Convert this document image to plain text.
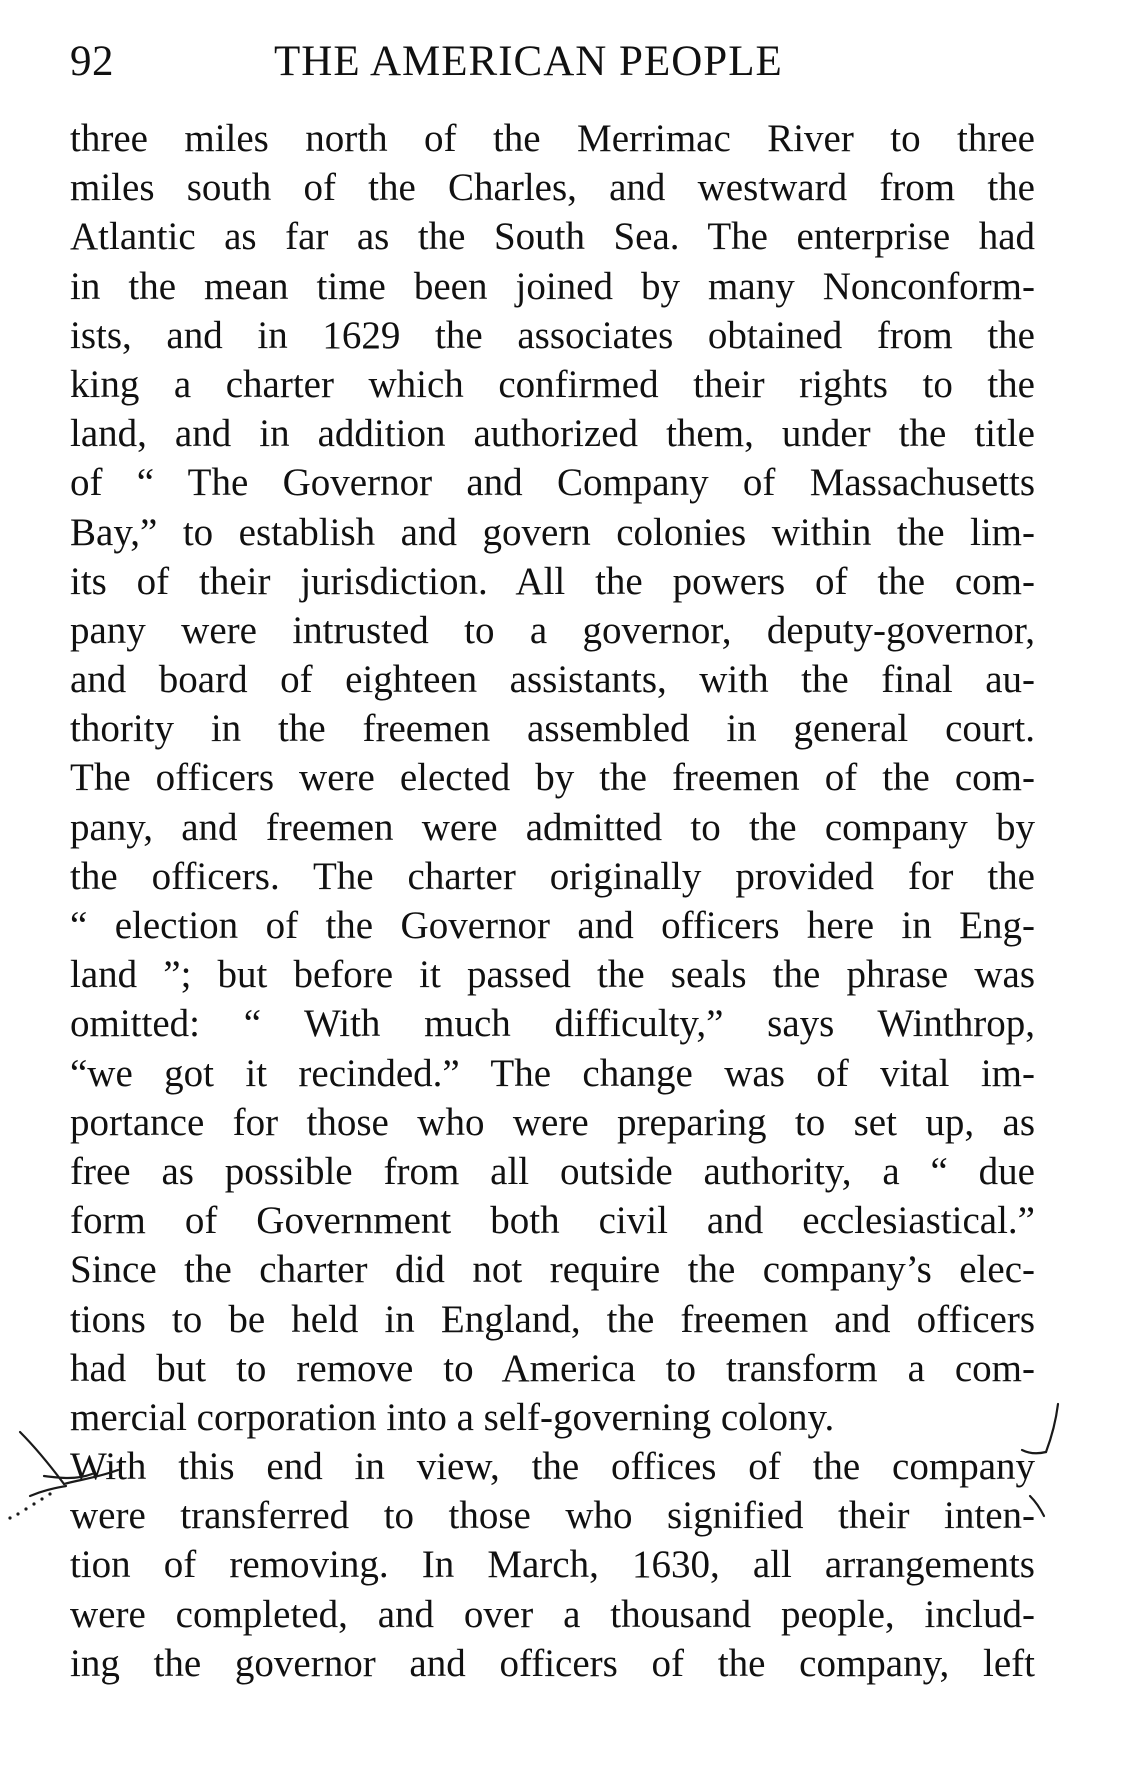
92	THE AMERICAN PEOPLE
three miles north of the Merrimac River to three
miles south of the Charles, and westward from the
Atlantic as far as the South Sea. The enterprise had
in the mean time been joined by many Nonconform-
ists, and in 1629 the associates obtained from the
king a charter which confirmed their rights to the
land, and in addition authorized them, under the title
of “ The Governor and Company of Massachusetts
Bay,” to establish and govern colonies within the lim-
its of their jurisdiction. All the powers of the com-
pany were intrusted to a governor, deputy-governor,
and board of eighteen assistants, with the final au-
thority in the freemen assembled in general court.
The officers were elected by the freemen of the com-
pany, and freemen were admitted to the company by
the officers. The charter originally provided for the
“ election of the Governor and officers here in Eng-
land ”; but before it passed the seals the phrase was
omitted: “ With much difficulty,” says Winthrop,
“we got it recinded.” The change was of vital im-
portance for those who were preparing to set up, as
free as possible from all outside authority, a “ due
form of Government both civil and ecclesiastical.”
Since the charter did not require the company’s elec-
tions to be held in England, the freemen and officers
had but to remove to America to transform a com-
mercial corporation into a self-governing colony.
With this end in view, the offices of the company
were transferred to those who signified their inten-
tion of removing. In March, 1630, all arrangements
were completed, and over a thousand people, includ-
ing the governor and officers of the company, left
